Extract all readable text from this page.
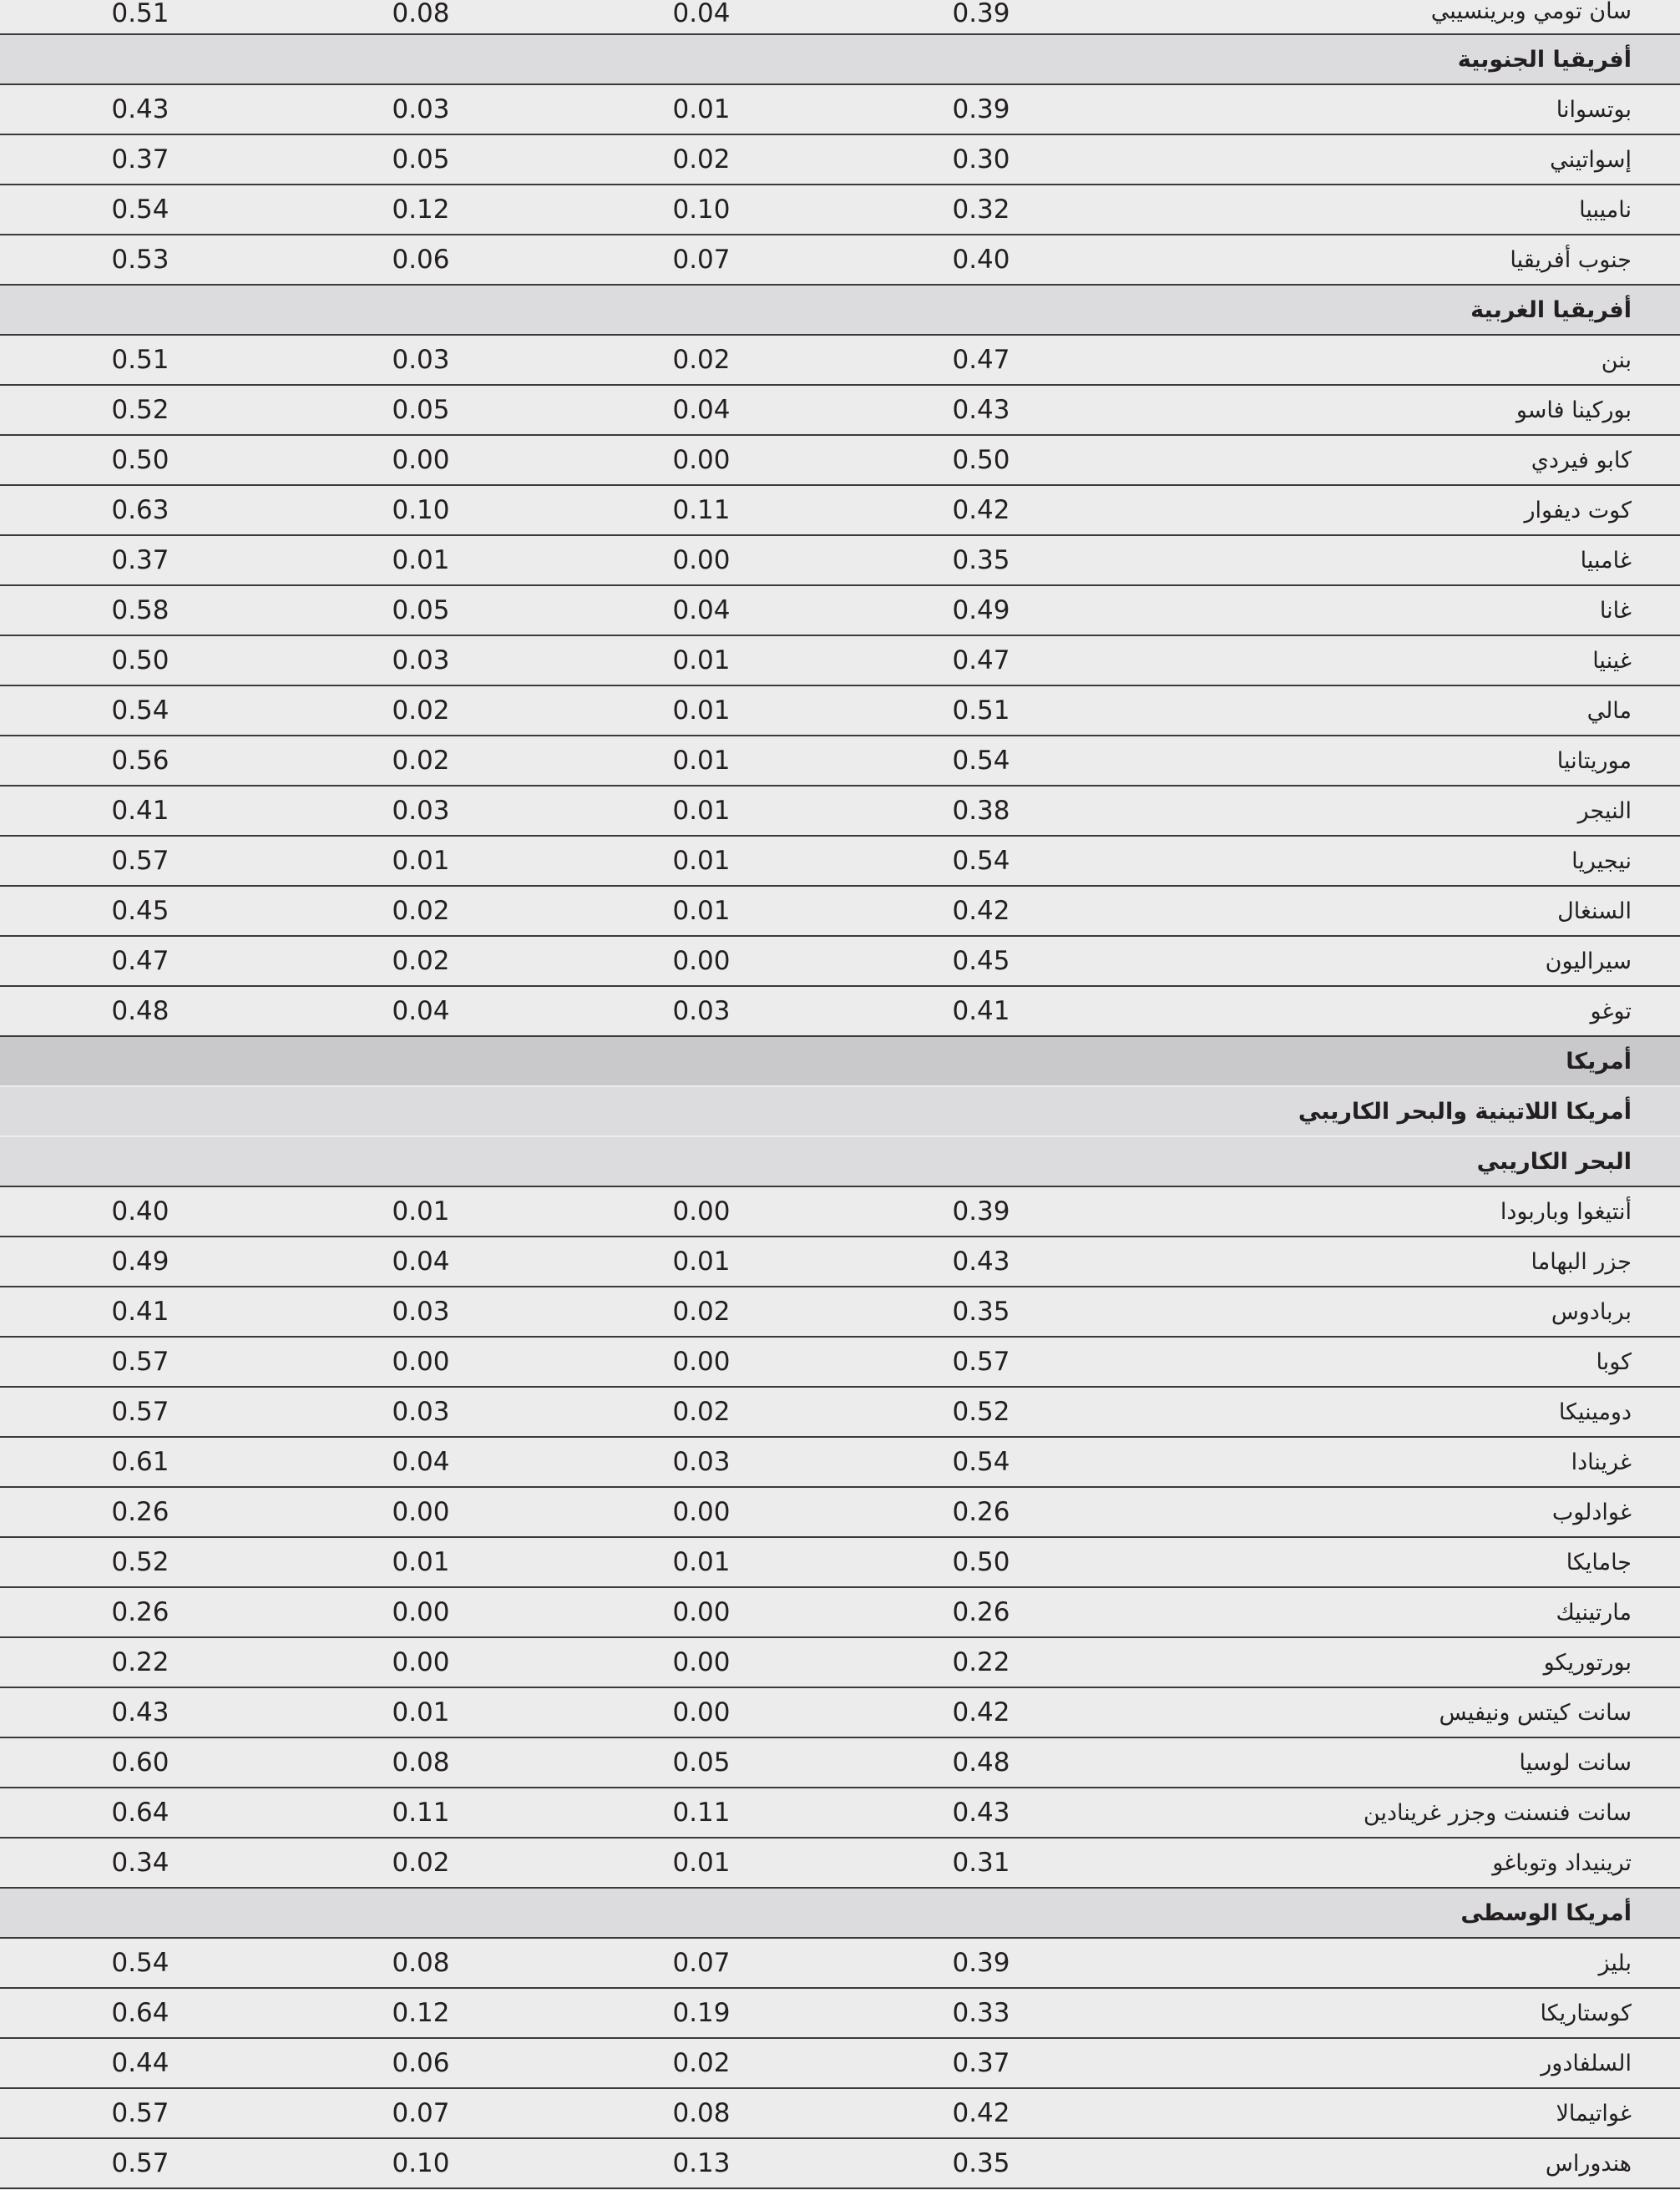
سان تومي وبرينسيبي
0.39
0.04
0.08
0.51
أفريقيا الجنوبية
بوتسوانا
0.39
0.01
0.03
0.43
إسواتيني
0.30
0.02
0.05
0.37
ناميبيا
0.32
0.10
0.12
0.54
جنوب أفريقيا
0.40
0.07
0.06
0.53
أفريقيا الغربية
بنن
0.47
0.02
0.03
0.51
بوركينا فاسو
0.43
0.04
0.05
0.52
كابو فيردي
0.50
0.00
0.00
0.50
كوت ديفوار
0.42
0.11
0.10
0.63
غامبيا
0.35
0.00
0.01
0.37
غانا
0.49
0.04
0.05
0.58
غينيا
0.47
0.01
0.03
0.50
مالي
0.51
0.01
0.02
0.54
موريتانيا
0.54
0.01
0.02
0.56
النيجر
0.38
0.01
0.03
0.41
نيجيريا
0.54
0.01
0.01
0.57
السنغال
0.42
0.01
0.02
0.45
سيراليون
0.45
0.00
0.02
0.47
توغو
0.41
0.03
0.04
0.48
أمريكا
أمريكا اللاتينية والبحر الكاريبي
البحر الكاريبي
أنتيغوا وباربودا
0.39
0.00
0.01
0.40
جزر البهاما
0.43
0.01
0.04
0.49
بربادوس
0.35
0.02
0.03
0.41
كوبا
0.57
0.00
0.00
0.57
دومينيكا
0.52
0.02
0.03
0.57
غرينادا
0.54
0.03
0.04
0.61
غوادلوب
0.26
0.00
0.00
0.26
جامايكا
0.50
0.01
0.01
0.52
مارتينيك
0.26
0.00
0.00
0.26
بورتوريكو
0.22
0.00
0.00
0.22
سانت كيتس ونيفيس
0.42
0.00
0.01
0.43
سانت لوسيا
0.48
0.05
0.08
0.60
سانت فنسنت وجزر غرينادين
0.43
0.11
0.11
0.64
ترينيداد وتوباغو
0.31
0.01
0.02
0.34
أمريكا الوسطى
بليز
0.39
0.07
0.08
0.54
كوستاريكا
0.33
0.19
0.12
0.64
السلفادور
0.37
0.02
0.06
0.44
غواتيمالا
0.42
0.08
0.07
0.57
هندوراس
0.35
0.13
0.10
0.57
